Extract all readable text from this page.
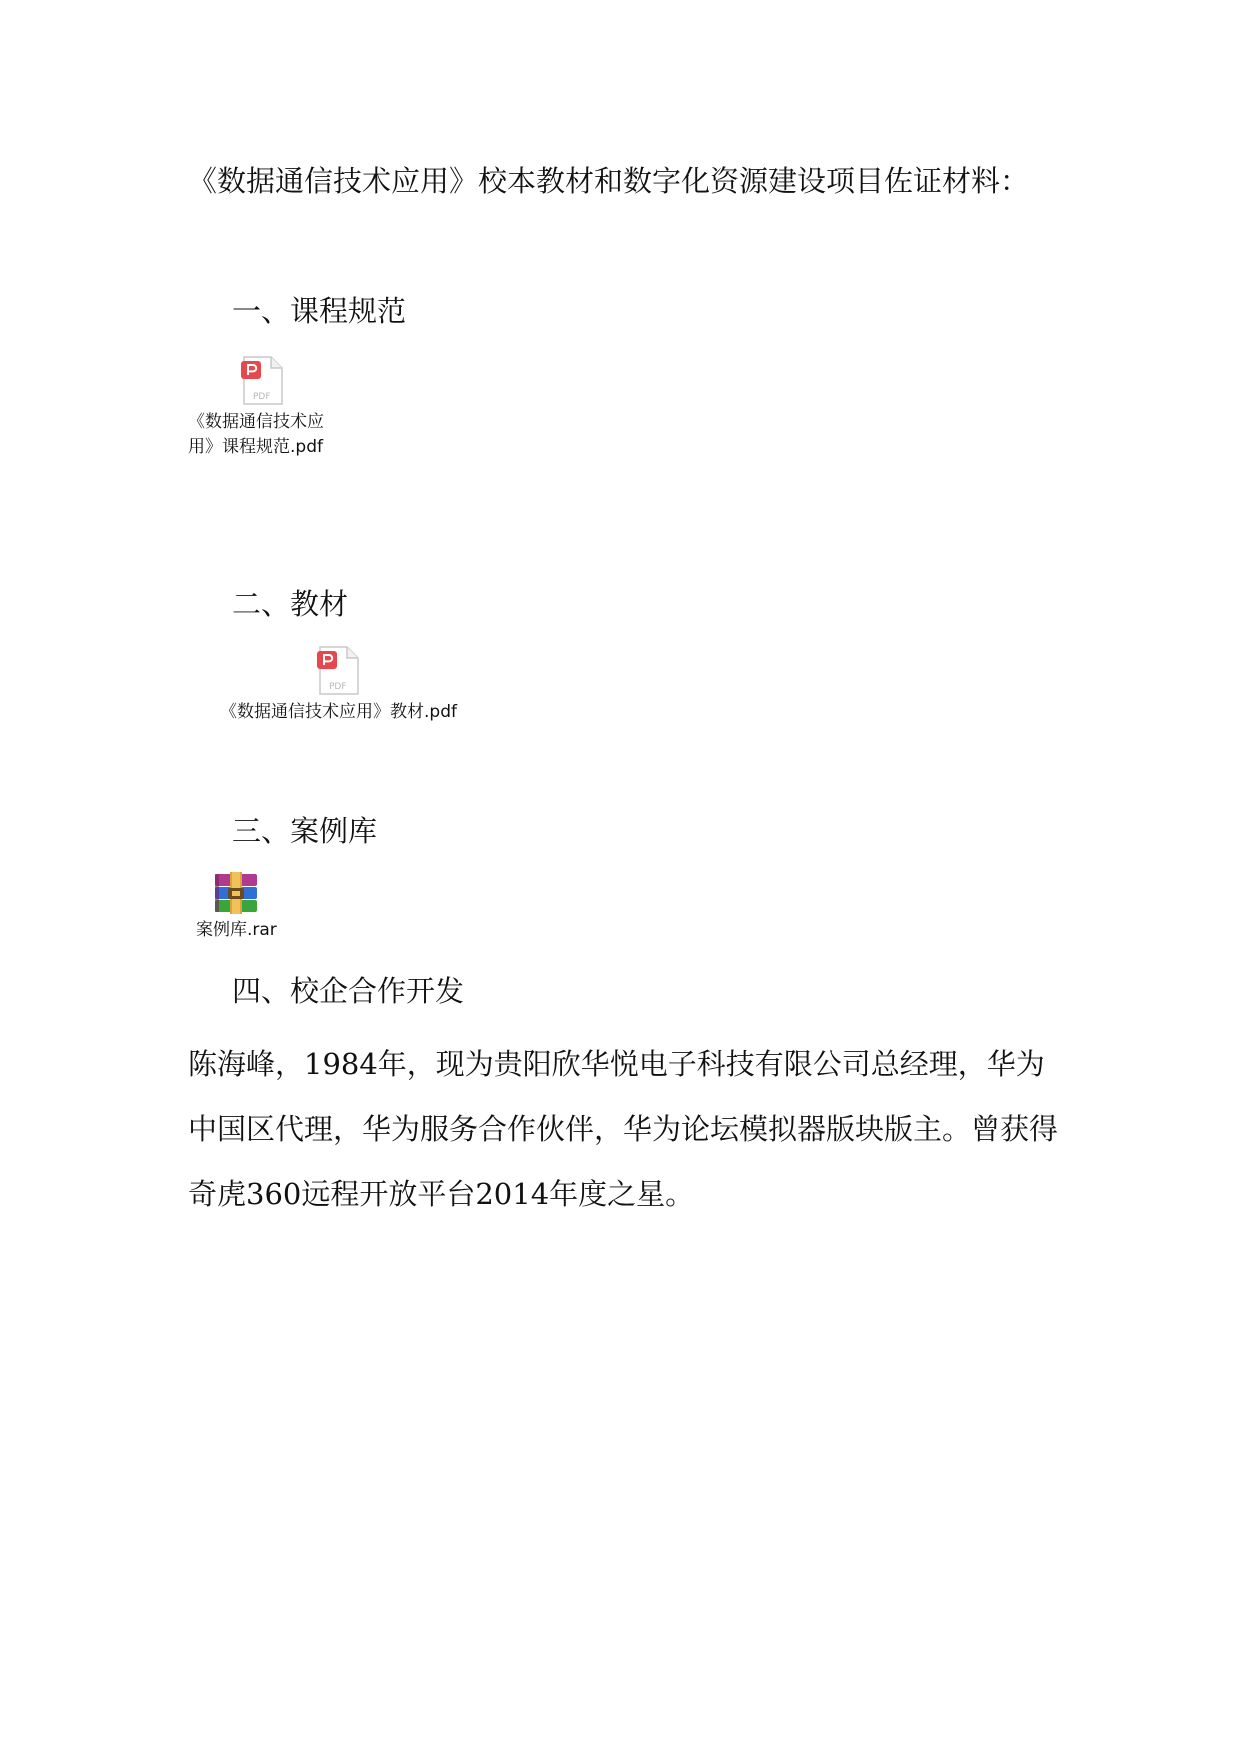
《数据通信技术应用》校本教材和数字化资源建设项目佐证材料：
一、课程规范
PDF
《数据通信技术应
用》课程规范.pdf
二、教材
PDF
《数据通信技术应用》教材.pdf
三、案例库
案例库.rar
四、校企合作开发

陈海峰，1984年，现为贵阳欣华悦电子科技有限公司总经理，华为中国区代理，华为服务合作伙伴，华为论坛模拟器版块版主。曾获得奇虎360远程开放平台2014年度之星。
